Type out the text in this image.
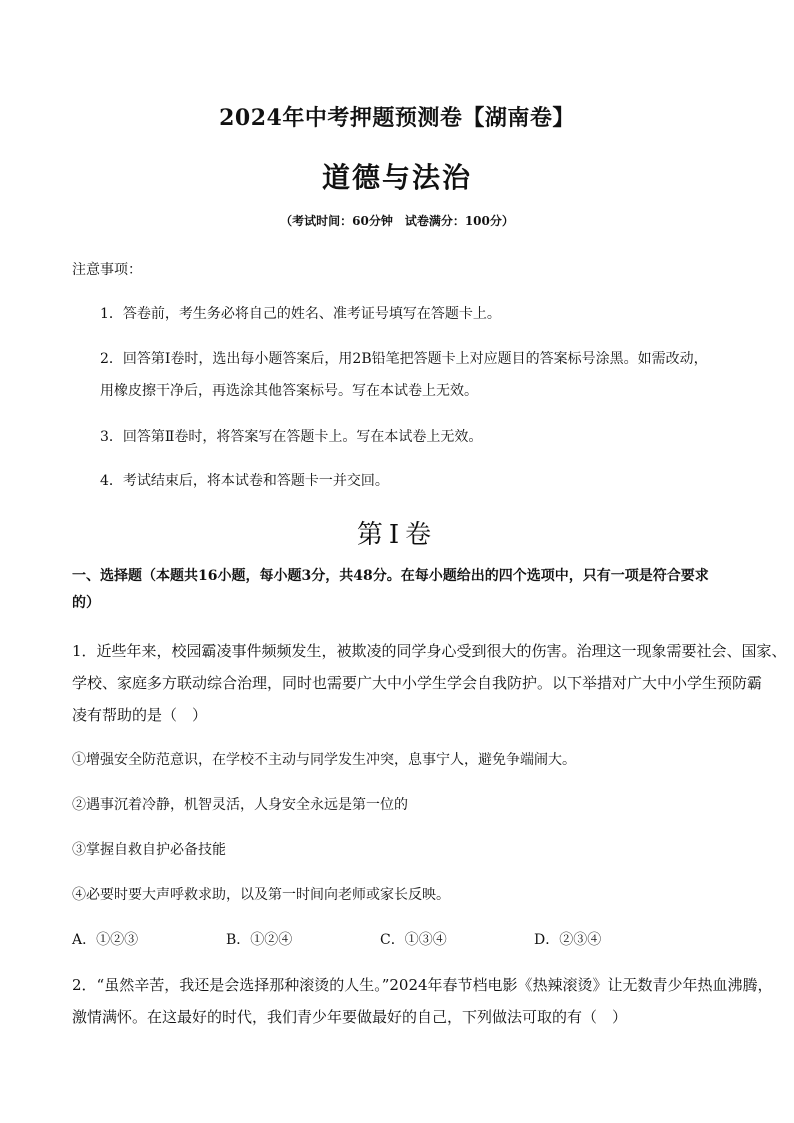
2024年中考押题预测卷【湖南卷】
道德与法治
（考试时间：60分钟　试卷满分：100分）
注意事项：
1．答卷前，考生务必将自己的姓名、准考证号填写在答题卡上。
2．回答第Ⅰ卷时，选出每小题答案后，用2B铅笔把答题卡上对应题目的答案标号涂黑。如需改动，
用橡皮擦干净后，再选涂其他答案标号。写在本试卷上无效。
3．回答第Ⅱ卷时，将答案写在答题卡上。写在本试卷上无效。
4．考试结束后，将本试卷和答题卡一并交回。
第Ⅰ卷
一、选择题（本题共16小题，每小题3分，共48分。在每小题给出的四个选项中，只有一项是符合要求
的）
1．近些年来，校园霸凌事件频频发生，被欺凌的同学身心受到很大的伤害。治理这一现象需要社会、国家、
学校、家庭多方联动综合治理，同时也需要广大中小学生学会自我防护。以下举措对广大中小学生预防霸
凌有帮助的是（　）
①增强安全防范意识，在学校不主动与同学发生冲突，息事宁人，避免争端闹大。
②遇事沉着冷静，机智灵活，人身安全永远是第一位的
③掌握自救自护必备技能
④必要时要大声呼救求助，以及第一时间向老师或家长反映。
A．①②③	B．①②④	C．①③④	D．②③④
2．“虽然辛苦，我还是会选择那种滚烫的人生。”2024年春节档电影《热辣滚烫》让无数青少年热血沸腾，
激情满怀。在这最好的时代，我们青少年要做最好的自己，下列做法可取的有（　）
